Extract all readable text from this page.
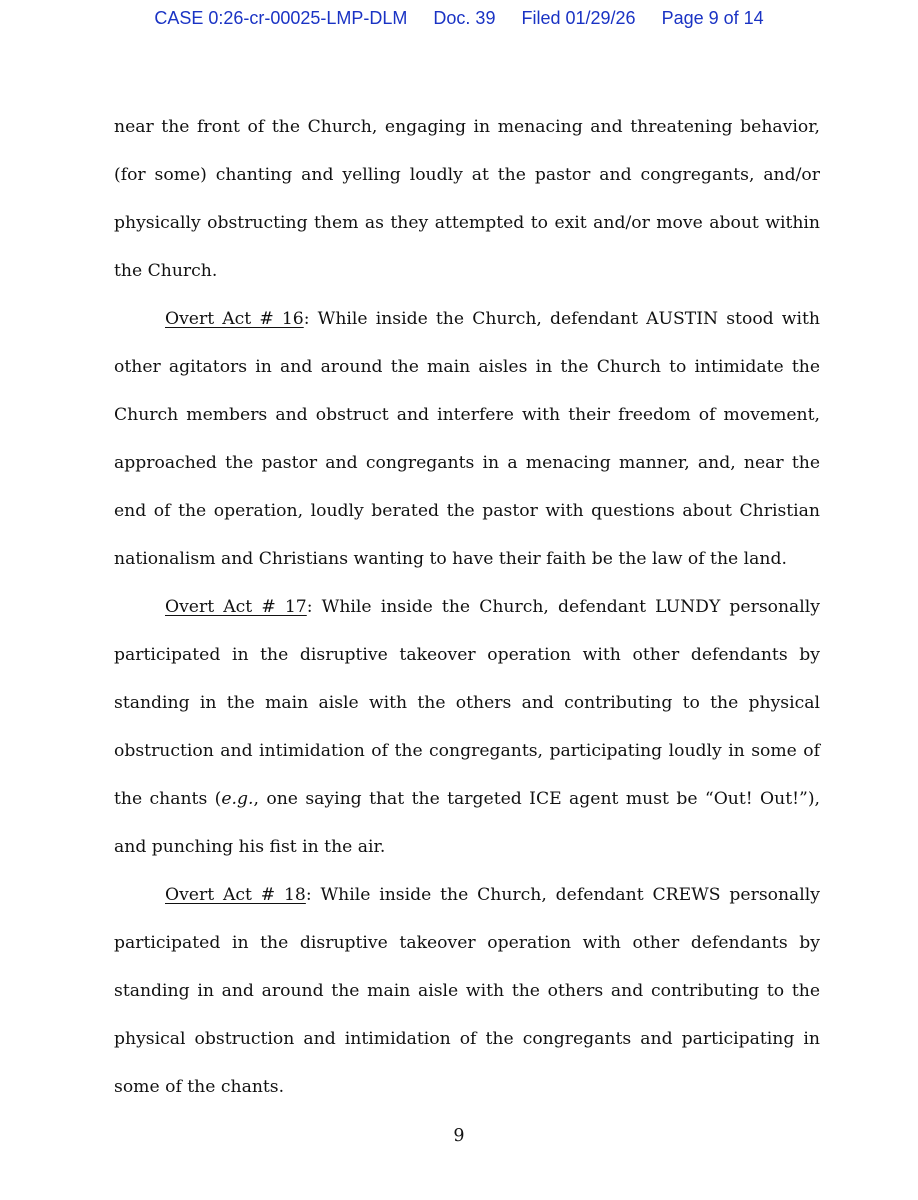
CASE 0:26-cr-00025-LMP-DLM Doc. 39 Filed 01/29/26 Page 9 of 14

near the front of the Church, engaging in menacing and threatening behavior, (for some) chanting and yelling loudly at the pastor and congregants, and/or physically obstructing them as they attempted to exit and/or move about within the Church.

Overt Act # 16: While inside the Church, defendant AUSTIN stood with other agitators in and around the main aisles in the Church to intimidate the Church members and obstruct and interfere with their freedom of movement, approached the pastor and congregants in a menacing manner, and, near the end of the operation, loudly berated the pastor with questions about Christian nationalism and Christians wanting to have their faith be the law of the land.

Overt Act # 17: While inside the Church, defendant LUNDY personally participated in the disruptive takeover operation with other defendants by standing in the main aisle with the others and contributing to the physical obstruction and intimidation of the congregants, participating loudly in some of the chants (e.g., one saying that the targeted ICE agent must be “Out! Out!”), and punching his fist in the air.

Overt Act # 18: While inside the Church, defendant CREWS personally participated in the disruptive takeover operation with other defendants by standing in and around the main aisle with the others and contributing to the physical obstruction and intimidation of the congregants and participating in some of the chants.

9
